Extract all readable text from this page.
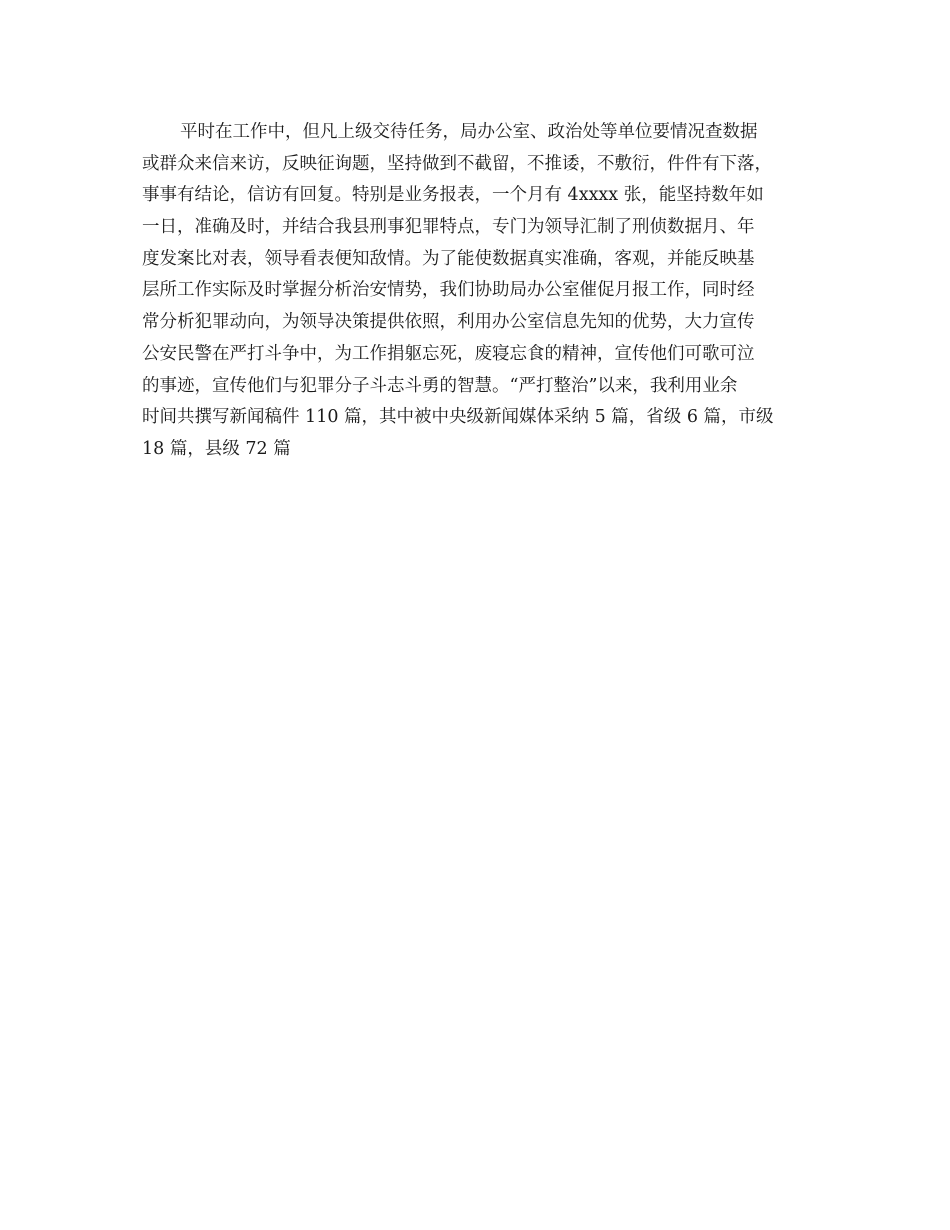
平时在工作中，但凡上级交待任务，局办公室、政治处等单位要情况查数据
或群众来信来访，反映征询题，坚持做到不截留，不推诿，不敷衍，件件有下落，
事事有结论，信访有回复。特别是业务报表，一个月有 4xxxx 张，能坚持数年如
一日，准确及时，并结合我县刑事犯罪特点，专门为领导汇制了刑侦数据月、年
度发案比对表，领导看表便知敌情。为了能使数据真实准确，客观，并能反映基
层所工作实际及时掌握分析治安情势，我们协助局办公室催促月报工作，同时经
常分析犯罪动向，为领导决策提供依照，利用办公室信息先知的优势，大力宣传
公安民警在严打斗争中，为工作捐躯忘死，废寝忘食的精神，宣传他们可歌可泣
的事迹，宣传他们与犯罪分子斗志斗勇的智慧。“严打整治”以来，我利用业余
时间共撰写新闻稿件 110 篇，其中被中央级新闻媒体采纳 5 篇，省级 6 篇，市级
18 篇，县级 72 篇
